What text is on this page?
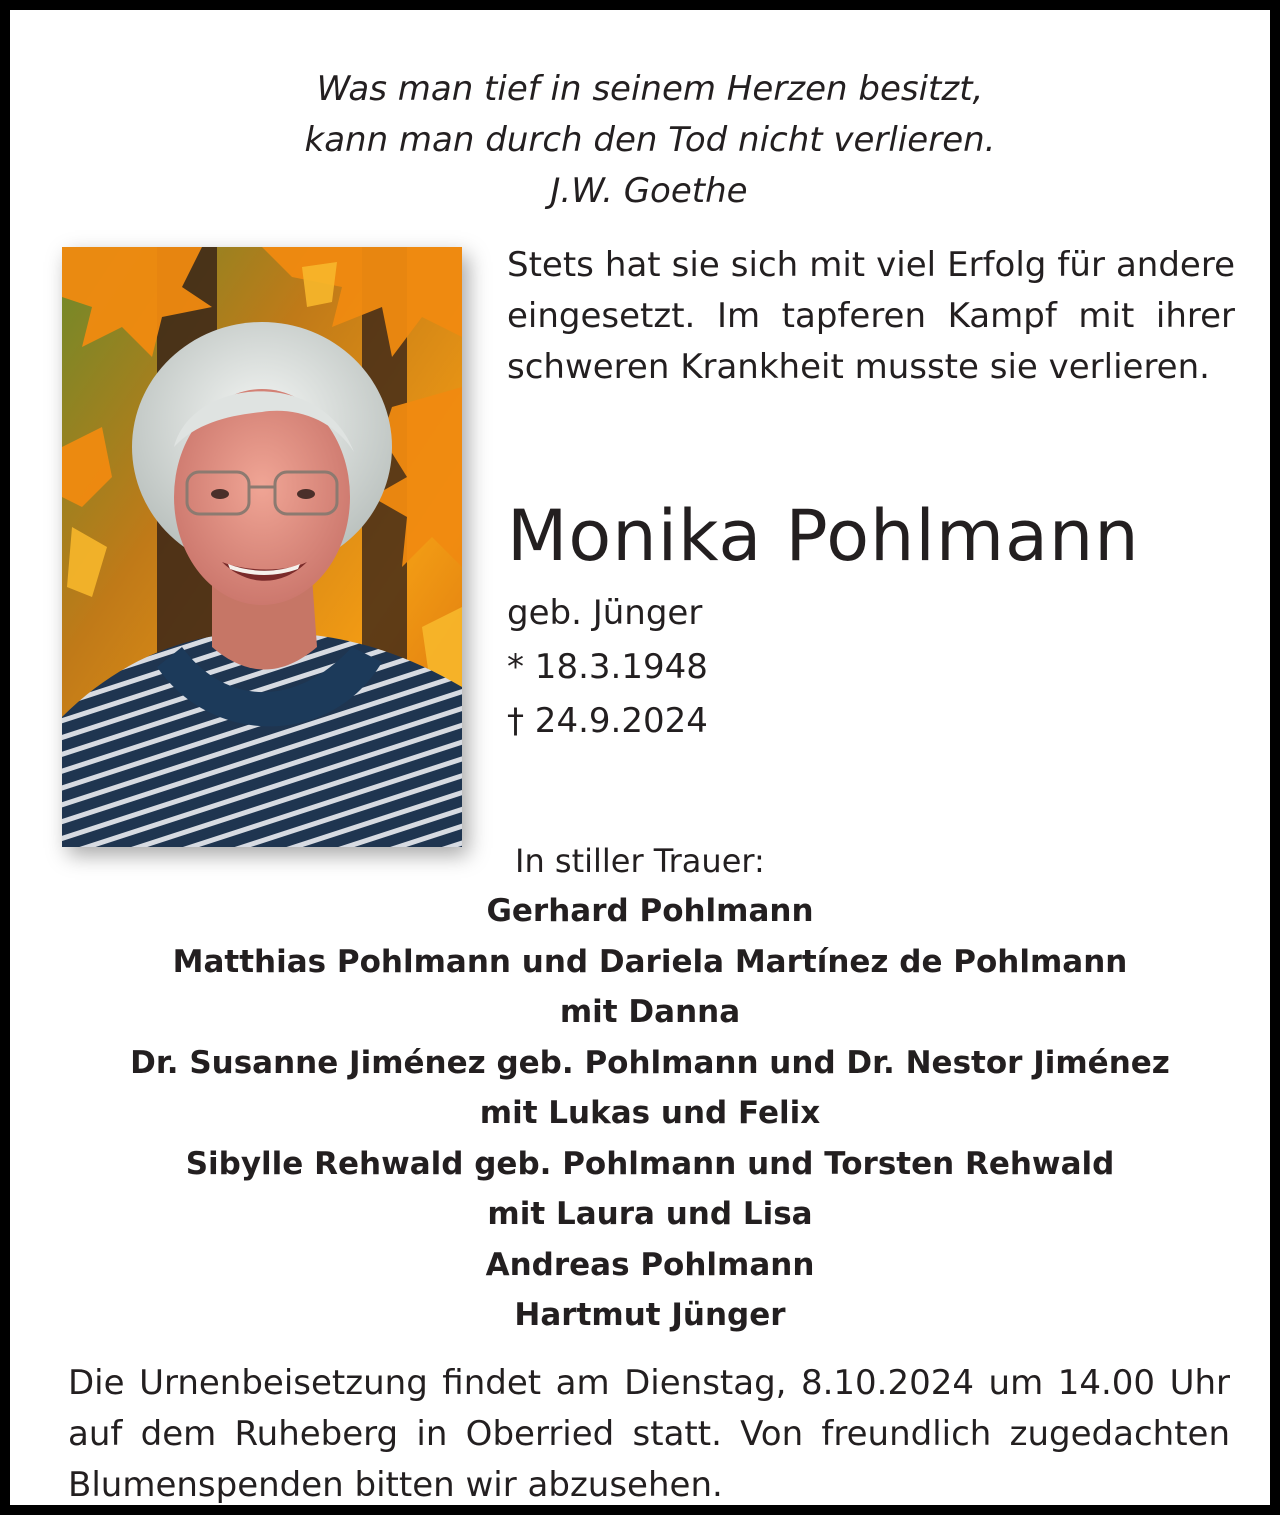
Was man tief in seinem Herzen besitzt,
kann man durch den Tod nicht verlieren.
J.W. Goethe
Stets hat sie sich mit viel Erfolg für andere
eingesetzt. Im tapferen Kampf mit ihrer
schweren Krankheit musste sie verlieren.
Monika Pohlmann
geb. Jünger
* 18.3.1948
† 24.9.2024
In stiller Trauer:
Gerhard Pohlmann
Matthias Pohlmann und Dariela Martínez de Pohlmann
mit Danna
Dr. Susanne Jiménez geb. Pohlmann und Dr. Nestor Jiménez
mit Lukas und Felix
Sibylle Rehwald geb. Pohlmann und Torsten Rehwald
mit Laura und Lisa
Andreas Pohlmann
Hartmut Jünger
Die Urnenbeisetzung findet am Dienstag, 8.10.2024 um 14.00 Uhr
auf dem Ruheberg in Oberried statt. Von freundlich zugedachten
Blumenspenden bitten wir abzusehen.
